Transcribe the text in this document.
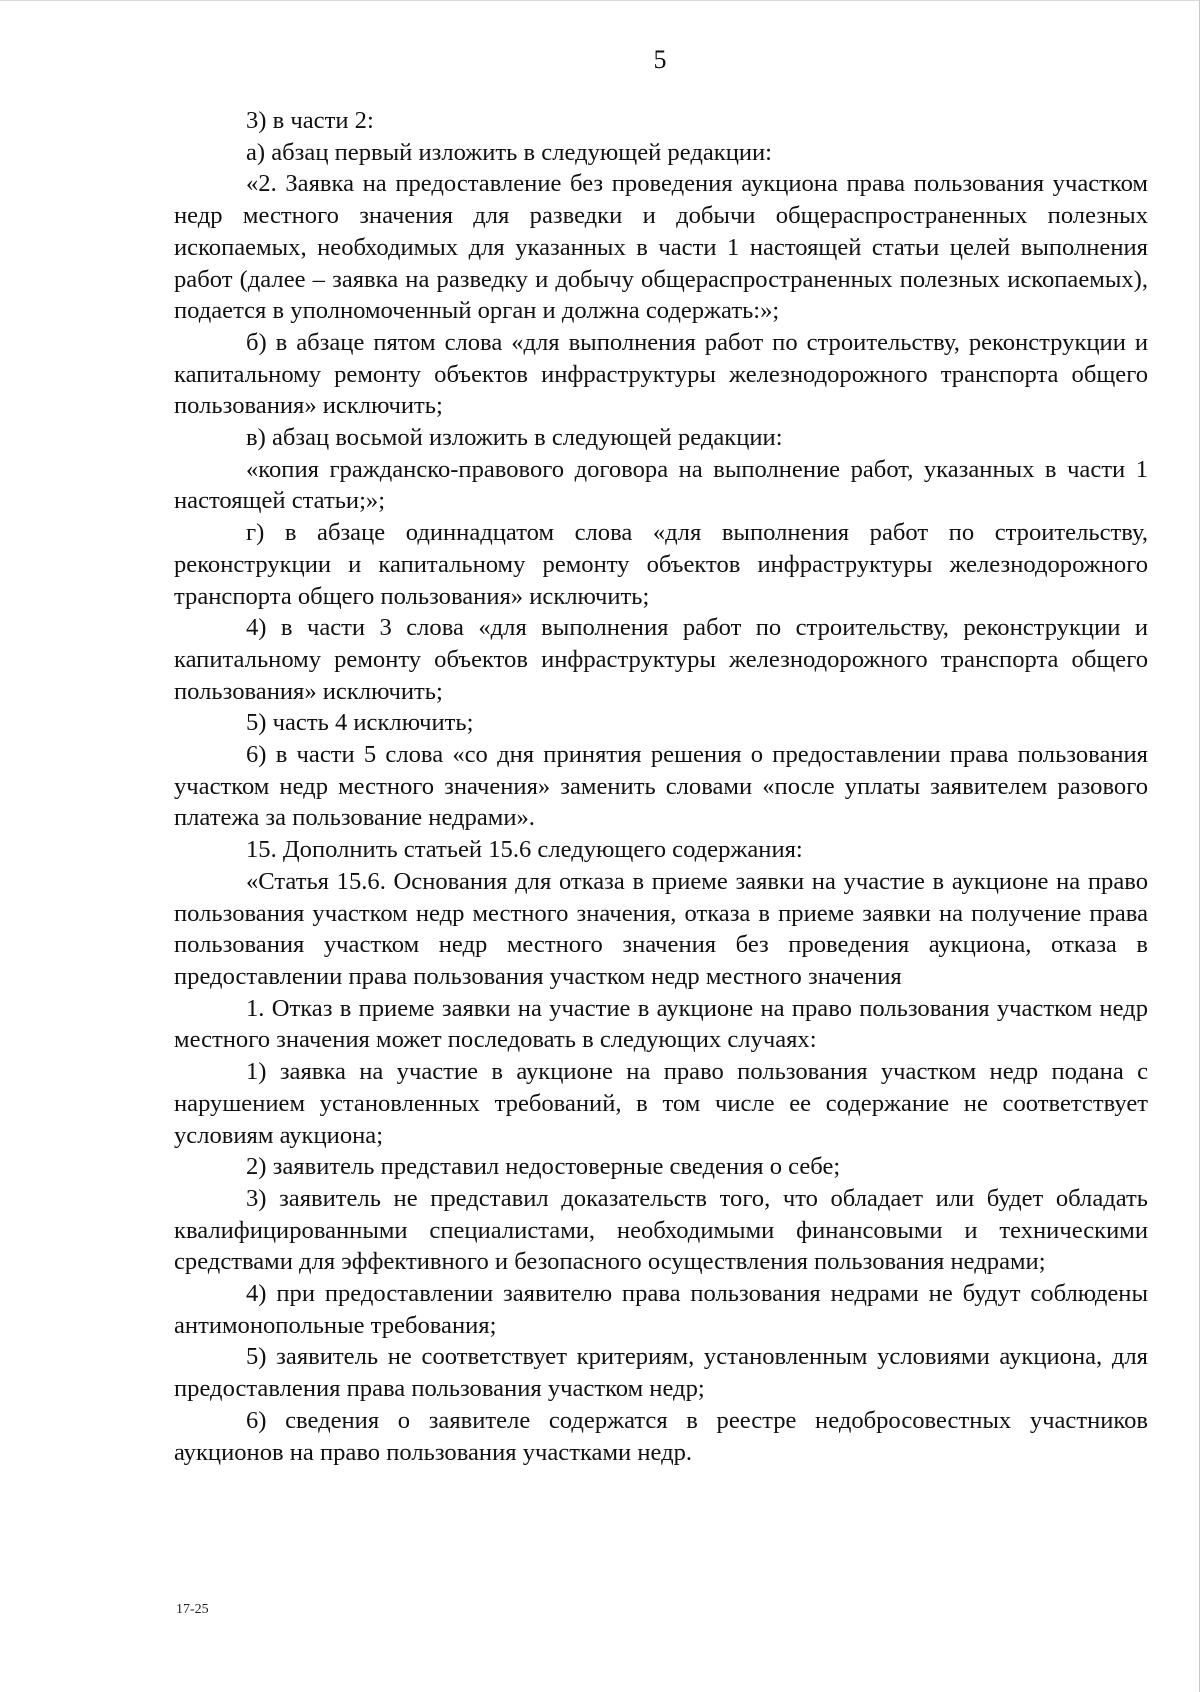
5

3) в части 2:

а) абзац первый изложить в следующей редакции:

«2. Заявка на предоставление без проведения аукциона права пользования участком недр местного значения для разведки и добычи общераспространенных полезных ископаемых, необходимых для указанных в части 1 настоящей статьи целей выполнения работ (далее – заявка на разведку и добычу общераспространенных полезных ископаемых), подается в уполномоченный орган и должна содержать:»;

б) в абзаце пятом слова «для выполнения работ по строительству, реконструкции и капитальному ремонту объектов инфраструктуры железнодорожного транспорта общего пользования» исключить;

в) абзац восьмой изложить в следующей редакции:

«копия гражданско-правового договора на выполнение работ, указанных в части 1 настоящей статьи;»;

г) в абзаце одиннадцатом слова «для выполнения работ по строительству, реконструкции и капитальному ремонту объектов инфраструктуры железнодорожного транспорта общего пользования» исключить;

4) в части 3 слова «для выполнения работ по строительству, реконструкции и капитальному ремонту объектов инфраструктуры железнодорожного транспорта общего пользования» исключить;

5) часть 4 исключить;

6) в части 5 слова «со дня принятия решения о предоставлении права пользования участком недр местного значения» заменить словами «после уплаты заявителем разового платежа за пользование недрами».

15. Дополнить статьей 15.6 следующего содержания:

«Статья 15.6. Основания для отказа в приеме заявки на участие в аукционе на право пользования участком недр местного значения, отказа в приеме заявки на получение права пользования участком недр местного значения без проведения аукциона, отказа в предоставлении права пользования участком недр местного значения

1. Отказ в приеме заявки на участие в аукционе на право пользования участком недр местного значения может последовать в следующих случаях:

1) заявка на участие в аукционе на право пользования участком недр подана с нарушением установленных требований, в том числе ее содержание не соответствует условиям аукциона;

2) заявитель представил недостоверные сведения о себе;

3) заявитель не представил доказательств того, что обладает или будет обладать квалифицированными специалистами, необходимыми финансовыми и техническими средствами для эффективного и безопасного осуществления пользования недрами;

4) при предоставлении заявителю права пользования недрами не будут соблюдены антимонопольные требования;

5) заявитель не соответствует критериям, установленным условиями аукциона, для предоставления права пользования участком недр;

6) сведения о заявителе содержатся в реестре недобросовестных участников аукционов на право пользования участками недр.

17-25
